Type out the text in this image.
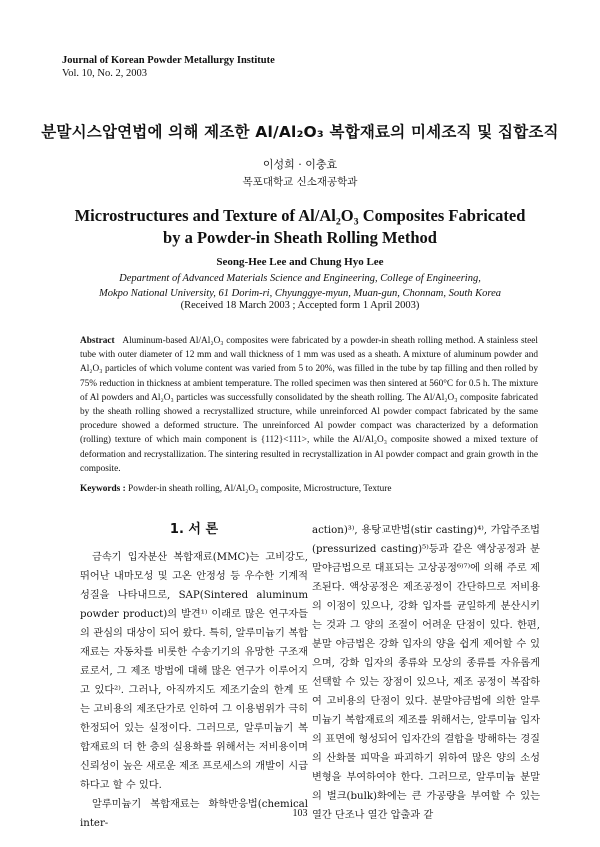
Journal of Korean Powder Metallurgy Institute
Vol. 10, No. 2, 2003
분말시스압연법에 의해 제조한 Al/Al₂O₃ 복합재료의 미세조직 및 집합조직
이성희 · 이충효
목포대학교 신소재공학과
Microstructures and Texture of Al/Al₂O₃ Composites Fabricated
by a Powder-in Sheath Rolling Method
Seong-Hee Lee and Chung Hyo Lee
Department of Advanced Materials Science and Engineering, College of Engineering,
Mokpo National University, 61 Dorim-ri, Chyunggye-myun, Muan-gun, Chonnam, South Korea
(Received 18 March 2003 ; Accepted form 1 April 2003)
Abstract Aluminum-based Al/Al₂O₃ composites were fabricated by a powder-in sheath rolling method. A stainless steel tube with outer diameter of 12 mm and wall thickness of 1 mm was used as a sheath. A mixture of aluminum powder and Al₂O₃ particles of which volume content was varied from 5 to 20%, was filled in the tube by tap filling and then rolled by 75% reduction in thickness at ambient temperature. The rolled specimen was then sintered at 560°C for 0.5 h. The mixture of Al powders and Al₂O₃ particles was successfully consolidated by the sheath rolling. The Al/Al₂O₃ composite fabricated by the sheath rolling showed a recrystallized structure, while unreinforced Al powder compact fabricated by the same procedure showed a deformed structure. The unreinforced Al powder compact was characterized by a deformation (rolling) texture of which main component is {112}<111>, while the Al/Al₂O₃ composite showed a mixed texture of deformation and recrystallization. The sintering resulted in recrystallization in Al powder compact and grain growth in the composite.
Keywords : Powder-in sheath rolling, Al/Al₂O₃ composite, Microstructure, Texture
1. 서 론

금속기 입자분산 복합재료(MMC)는 고비강도, 뛰어난 내마모성 및 고온 안정성 등 우수한 기계적 성질을 나타내므로, SAP(Sintered aluminum powder product)의 발견¹⁾ 이래로 많은 연구자들의 관심의 대상이 되어 왔다. 특히, 알루미늄기 복합재료는 자동차를 비롯한 수송기기의 유망한 구조재료로서, 그 제조 방법에 대해 많은 연구가 이루어지고 있다²⁾. 그러나, 아직까지도 제조기술의 한계 또는 고비용의 제조단가로 인하여 그 이용범위가 극히 한정되어 있는 실정이다. 그러므로, 알루미늄기 복합재료의 더 한 층의 실용화를 위해서는 저비용이며 신뢰성이 높은 새로운 제조 프로세스의 개발이 시급하다고 할 수 있다.

알루미늄기 복합재료는 화학반응법(chemical inter-

action)³⁾, 용탕교반법(stir casting)⁴⁾, 가압주조법(pressurized casting)⁵⁾등과 같은 액상공정과 분말야금법으로 대표되는 고상공정⁶⁾⁷⁾에 의해 주로 제조된다. 액상공정은 제조공정이 간단하므로 저비용의 이점이 있으나, 강화 입자를 균일하게 분산시키는 것과 그 양의 조절이 어려운 단점이 있다. 한편, 분말 야금법은 강화 입자의 양을 쉽게 제어할 수 있으며, 강화 입자의 종류와 모상의 종류를 자유롭게 선택할 수 있는 장점이 있으나, 제조 공정이 복잡하여 고비용의 단점이 있다. 분말야금법에 의한 알루미늄기 복합재료의 제조를 위해서는, 알루미늄 입자의 표면에 형성되어 입자간의 결합을 방해하는 경질의 산화물 피막을 파괴하기 위하여 많은 양의 소성변형을 부여하여야 한다. 그러므로, 알루미늄 분말의 벌크(bulk)화에는 큰 가공량을 부여할 수 있는 열간 단조나 열간 압출과 같

103
